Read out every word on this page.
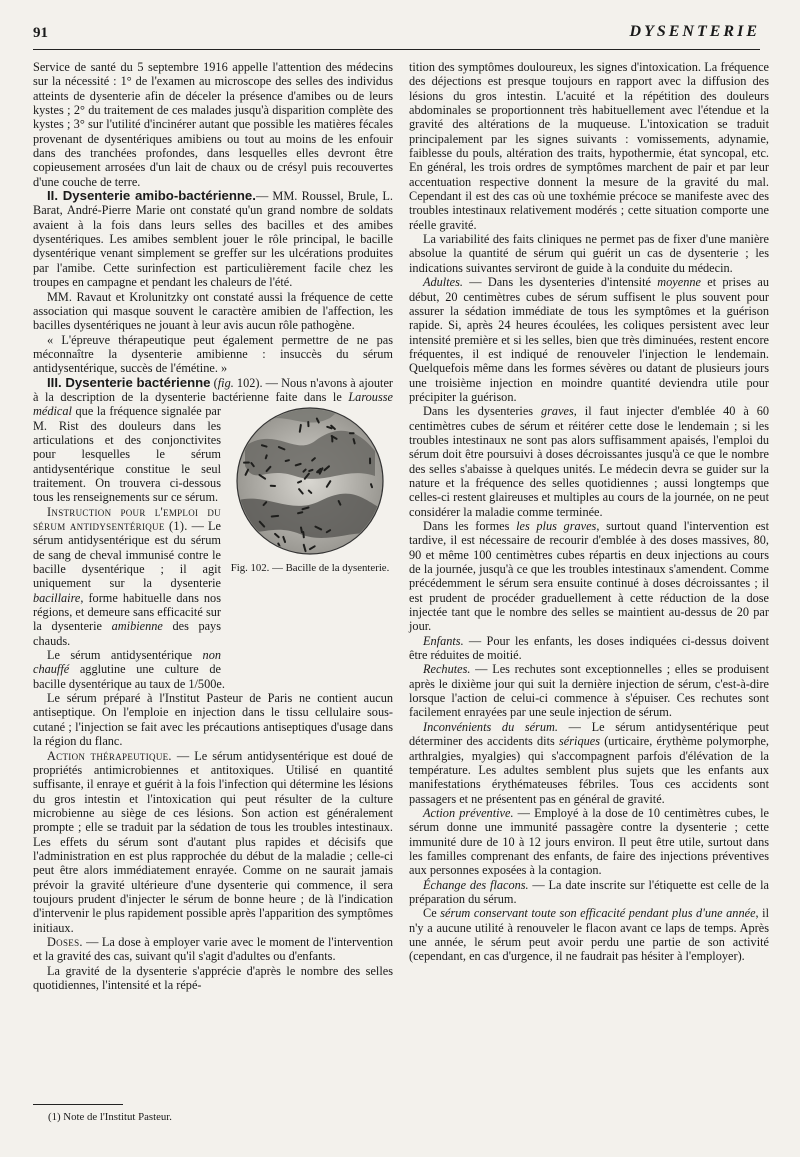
91	DYSENTERIE

Service de santé du 5 septembre 1916 appelle l'attention des médecins sur la nécessité : 1° de l'examen au microscope des selles des individus atteints de dysenterie afin de déceler la présence d'amibes ou de leurs kystes ; 2° du traitement de ces malades jusqu'à disparition complète des kystes ; 3° sur l'utilité d'incinérer autant que possible les matières fécales provenant de dysentériques amibiens ou tout au moins de les enfouir dans des tranchées profondes, dans lesquelles elles devront être copieusement arrosées d'un lait de chaux ou de crésyl puis recouvertes d'une couche de terre.

II. Dysenterie amibo-bactérienne.— MM. Roussel, Brule, L. Barat, André-Pierre Marie ont constaté qu'un grand nombre de soldats avaient à la fois dans leurs selles des bacilles et des amibes dysentériques. Les amibes semblent jouer le rôle principal, le bacille dysentérique venant simplement se greffer sur les ulcérations produites par l'amibe. Cette surinfection est particulièrement facile chez les troupes en campagne et pendant les chaleurs de l'été.

MM. Ravaut et Krolunitzky ont constaté aussi la fréquence de cette association qui masque souvent le caractère amibien de l'affection, les bacilles dysentériques ne jouant à leur avis aucun rôle pathogène.

« L'épreuve thérapeutique peut également permettre de ne pas méconnaître la dysenterie amibienne : insuccès du sérum antidysentérique, succès de l'émétine. »

III. Dysenterie bactérienne (fig. 102). — Nous n'avons à ajouter à la description de la dysenterie bactérienne faite dans le Larousse médical
Fig. 102. — Bacille de la dysenterie.
que la fréquence signalée par M. Rist des douleurs dans les articulations et des conjonctivites pour lesquelles le sérum antidysentérique constitue le seul traitement. On trouvera ci-dessous tous les renseignements sur ce sérum.

Instruction pour l'emploi du sérum antidysentérique (1). — Le sérum antidysentérique est du sérum de sang de cheval immunisé contre le bacille dysentérique ; il agit uniquement sur la dysenterie bacillaire, forme habituelle dans nos régions, et demeure sans efficacité sur la dysenterie amibienne des pays chauds.

Le sérum antidysentérique non chauffé agglutine une culture de bacille dysentérique au taux de 1/500e.

Le sérum préparé à l'Institut Pasteur de Paris ne contient aucun antiseptique. On l'emploie en injection dans le tissu cellulaire sous-cutané ; l'injection se fait avec les précautions antiseptiques d'usage dans la région du flanc.

Action thérapeutique. — Le sérum antidysentérique est doué de propriétés antimicrobiennes et antitoxiques. Utilisé en quantité suffisante, il enraye et guérit à la fois l'infection qui détermine les lésions du gros intestin et l'intoxication qui peut résulter de la culture microbienne au siège de ces lésions. Son action est généralement prompte ; elle se traduit par la sédation de tous les troubles intestinaux. Les effets du sérum sont d'autant plus rapides et décisifs que l'administration en est plus rapprochée du début de la maladie ; celle-ci peut être alors immédiatement enrayée. Comme on ne saurait jamais prévoir la gravité ultérieure d'une dysenterie qui commence, il sera toujours prudent d'injecter le sérum de bonne heure ; de là l'indication d'intervenir le plus rapidement possible après l'apparition des symptômes initiaux.

Doses. — La dose à employer varie avec le moment de l'intervention et la gravité des cas, suivant qu'il s'agit d'adultes ou d'enfants.

La gravité de la dysenterie s'apprécie d'après le nombre des selles quotidiennes, l'intensité et la répé-

tition des symptômes douloureux, les signes d'intoxication. La fréquence des déjections est presque toujours en rapport avec la diffusion des lésions du gros intestin. L'acuité et la répétition des douleurs abdominales se proportionnent très habituellement avec l'étendue et la gravité des altérations de la muqueuse. L'intoxication se traduit principalement par les signes suivants : vomissements, adynamie, faiblesse du pouls, altération des traits, hypothermie, état syncopal, etc. En général, les trois ordres de symptômes marchent de pair et par leur accentuation respective donnent la mesure de la gravité du mal. Cependant il est des cas où une toxhémie précoce se manifeste avec des troubles intestinaux relativement modérés ; cette situation comporte une réelle gravité.

La variabilité des faits cliniques ne permet pas de fixer d'une manière absolue la quantité de sérum qui guérit un cas de dysenterie ; les indications suivantes serviront de guide à la conduite du médecin.

Adultes. — Dans les dysenteries d'intensité moyenne et prises au début, 20 centimètres cubes de sérum suffisent le plus souvent pour assurer la sédation immédiate de tous les symptômes et la guérison rapide. Si, après 24 heures écoulées, les coliques persistent avec leur intensité première et si les selles, bien que très diminuées, restent encore fréquentes, il est indiqué de renouveler l'injection le lendemain. Quelquefois même dans les formes sévères ou datant de plusieurs jours une troisième injection en moindre quantité deviendra utile pour précipiter la guérison.

Dans les dysenteries graves, il faut injecter d'emblée 40 à 60 centimètres cubes de sérum et réitérer cette dose le lendemain ; si les troubles intestinaux ne sont pas alors suffisamment apaisés, l'emploi du sérum doit être poursuivi à doses décroissantes jusqu'à ce que le nombre des selles s'abaisse à quelques unités. Le médecin devra se guider sur la nature et la fréquence des selles quotidiennes ; aussi longtemps que celles-ci restent glaireuses et multiples au cours de la journée, on ne peut considérer la maladie comme terminée.

Dans les formes les plus graves, surtout quand l'intervention est tardive, il est nécessaire de recourir d'emblée à des doses massives, 80, 90 et même 100 centimètres cubes répartis en deux injections au cours de la journée, jusqu'à ce que les troubles intestinaux s'amendent. Comme précédemment le sérum sera ensuite continué à doses décroissantes ; il est prudent de procéder graduellement à cette réduction de la dose injectée tant que le nombre des selles se maintient au-dessus de 20 par jour.

Enfants. — Pour les enfants, les doses indiquées ci-dessus doivent être réduites de moitié.

Rechutes. — Les rechutes sont exceptionnelles ; elles se produisent après le dixième jour qui suit la dernière injection de sérum, c'est-à-dire lorsque l'action de celui-ci commence à s'épuiser. Ces rechutes sont facilement enrayées par une seule injection de sérum.

Inconvénients du sérum. — Le sérum antidysentérique peut déterminer des accidents dits sériques (urticaire, érythème polymorphe, arthralgies, myalgies) qui s'accompagnent parfois d'élévation de la température. Les adultes semblent plus sujets que les enfants aux manifestations érythémateuses fébriles. Tous ces accidents sont passagers et ne présentent pas en général de gravité.

Action préventive. — Employé à la dose de 10 centimètres cubes, le sérum donne une immunité passagère contre la dysenterie ; cette immunité dure de 10 à 12 jours environ. Il peut être utile, surtout dans les familles comprenant des enfants, de faire des injections préventives aux personnes exposées à la contagion.

Échange des flacons. — La date inscrite sur l'étiquette est celle de la préparation du sérum.

Ce sérum conservant toute son efficacité pendant plus d'une année, il n'y a aucune utilité à renouveler le flacon avant ce laps de temps. Après une année, le sérum peut avoir perdu une partie de son activité (cependant, en cas d'urgence, il ne faudrait pas hésiter à l'employer).

(1) Note de l'Institut Pasteur.
